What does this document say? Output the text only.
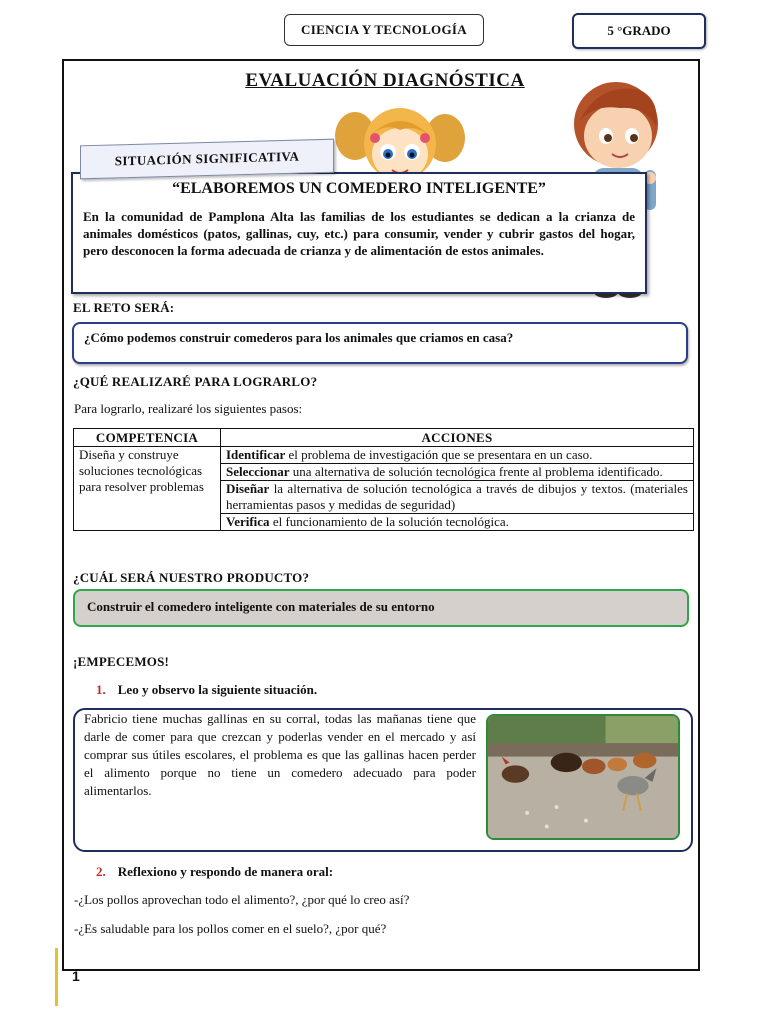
CIENCIA Y TECNOLOGÍA	5 °GRADO
EVALUACIÓN DIAGNÓSTICA
“ELABOREMOS UN COMEDERO INTELIGENTE”
En la comunidad de Pamplona Alta las familias de los estudiantes se dedican a la crianza de animales domésticos (patos, gallinas, cuy, etc.) para consumir, vender y cubrir gastos del hogar, pero desconocen la forma adecuada de crianza y de alimentación de estos animales.
SITUACIÓN SIGNIFICATIVA
EL RETO SERÁ:
¿Cómo podemos construir comederos para los animales que criamos en casa?
¿QUÉ REALIZARÉ PARA LOGRARLO?
Para lograrlo, realizaré los siguientes pasos:
COMPETENCIA	ACCIONES
Diseña y construye soluciones tecnológicas para resolver problemas	Identificar el problema de investigación que se presentara en un caso.
	Seleccionar una alternativa de solución tecnológica frente al problema identificado.
	Diseñar la alternativa de solución tecnológica a través de dibujos y textos. (materiales herramientas pasos y medidas de seguridad)
	Verifica el funcionamiento de la solución tecnológica.
¿CUÁL SERÁ NUESTRO PRODUCTO?
Construir el comedero inteligente con materiales de su entorno
¡EMPECEMOS!
1. Leo y observo la siguiente situación.
Fabricio tiene muchas gallinas en su corral, todas las mañanas tiene que darle de comer para que crezcan y poderlas vender en el mercado y así comprar sus útiles escolares, el problema es que las gallinas hacen perder el alimento porque no tiene un comedero adecuado para poder alimentarlos.
2. Reflexiono y respondo de manera oral:
-¿Los pollos aprovechan todo el alimento?, ¿por qué lo creo así?
-¿Es saludable para los pollos comer en el suelo?, ¿por qué?
1
